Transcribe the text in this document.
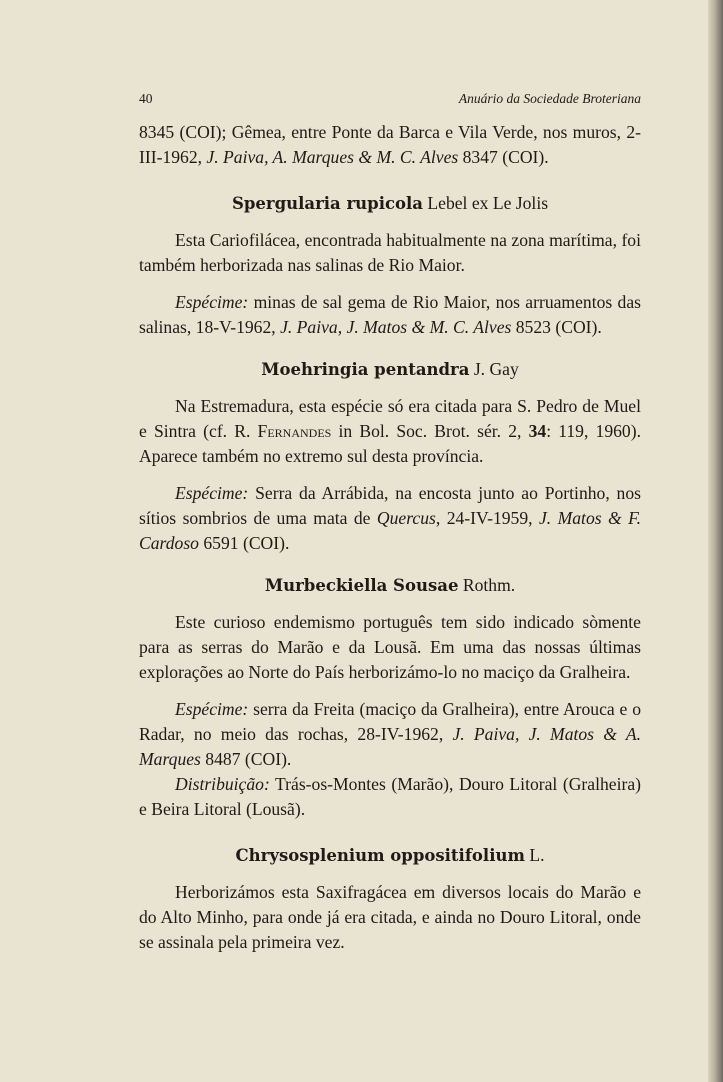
40	Anuário da Sociedade Broteriana

8345 (COI); Gêmea, entre Ponte da Barca e Vila Verde, nos muros, 2-III-1962, J. Paiva, A. Marques & M. C. Alves 8347 (COI).

Spergularia rupicola Lebel ex Le Jolis

Esta Cariofilácea, encontrada habitualmente na zona marítima, foi também herborizada nas salinas de Rio Maior.

Espécime: minas de sal gema de Rio Maior, nos arruamentos das salinas, 18-V-1962, J. Paiva, J. Matos & M. C. Alves 8523 (COI).

Moehringia pentandra J. Gay

Na Estremadura, esta espécie só era citada para S. Pedro de Muel e Sintra (cf. R. Fernandes in Bol. Soc. Brot. sér. 2, 34: 119, 1960). Aparece também no extremo sul desta província.

Espécime: Serra da Arrábida, na encosta junto ao Portinho, nos sítios sombrios de uma mata de Quercus, 24-IV-1959, J. Matos & F. Cardoso 6591 (COI).

Murbeckiella Sousae Rothm.

Este curioso endemismo português tem sido indicado sòmente para as serras do Marão e da Lousã. Em uma das nossas últimas explorações ao Norte do País herborizámo-lo no maciço da Gralheira.

Espécime: serra da Freita (maciço da Gralheira), entre Arouca e o Radar, no meio das rochas, 28-IV-1962, J. Paiva, J. Matos & A. Marques 8487 (COI).

Distribuição: Trás-os-Montes (Marão), Douro Litoral (Gralheira) e Beira Litoral (Lousã).

Chrysosplenium oppositifolium L.

Herborizámos esta Saxifragácea em diversos locais do Marão e do Alto Minho, para onde já era citada, e ainda no Douro Litoral, onde se assinala pela primeira vez.
